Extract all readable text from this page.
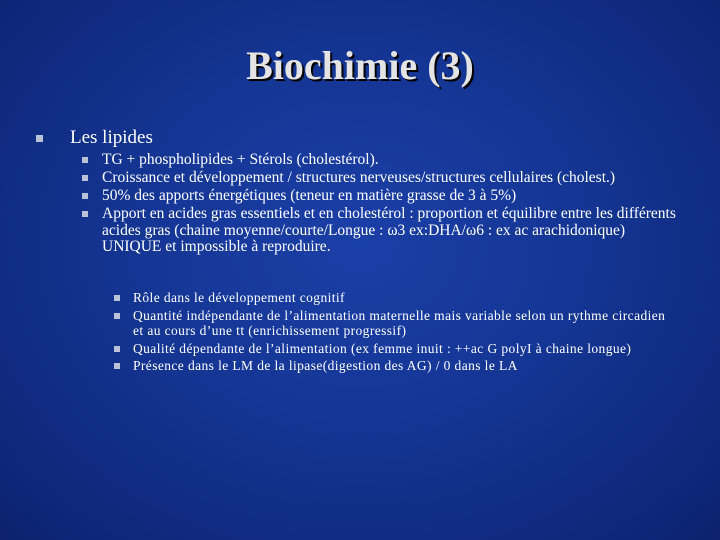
Biochimie (3)
Les lipides
TG + phospholipides + Stérols (cholestérol).
Croissance et développement / structures nerveuses/structures cellulaires (cholest.)
50% des apports énergétiques (teneur en matière grasse de 3 à 5%)
Apport en acides gras essentiels et en cholestérol : proportion et équilibre entre les différents acides gras (chaine moyenne/courte/Longue : ω3 ex:DHA/ω6 : ex ac arachidonique) UNIQUE et impossible à reproduire.
Rôle dans le développement cognitif
Quantité indépendante de l’alimentation maternelle mais variable selon un rythme circadien et au cours d’une tt (enrichissement progressif)
Qualité dépendante de l’alimentation (ex femme inuit : ++ac G polyI à chaine longue)
Présence dans le LM de la lipase(digestion des AG) / 0 dans le LA
